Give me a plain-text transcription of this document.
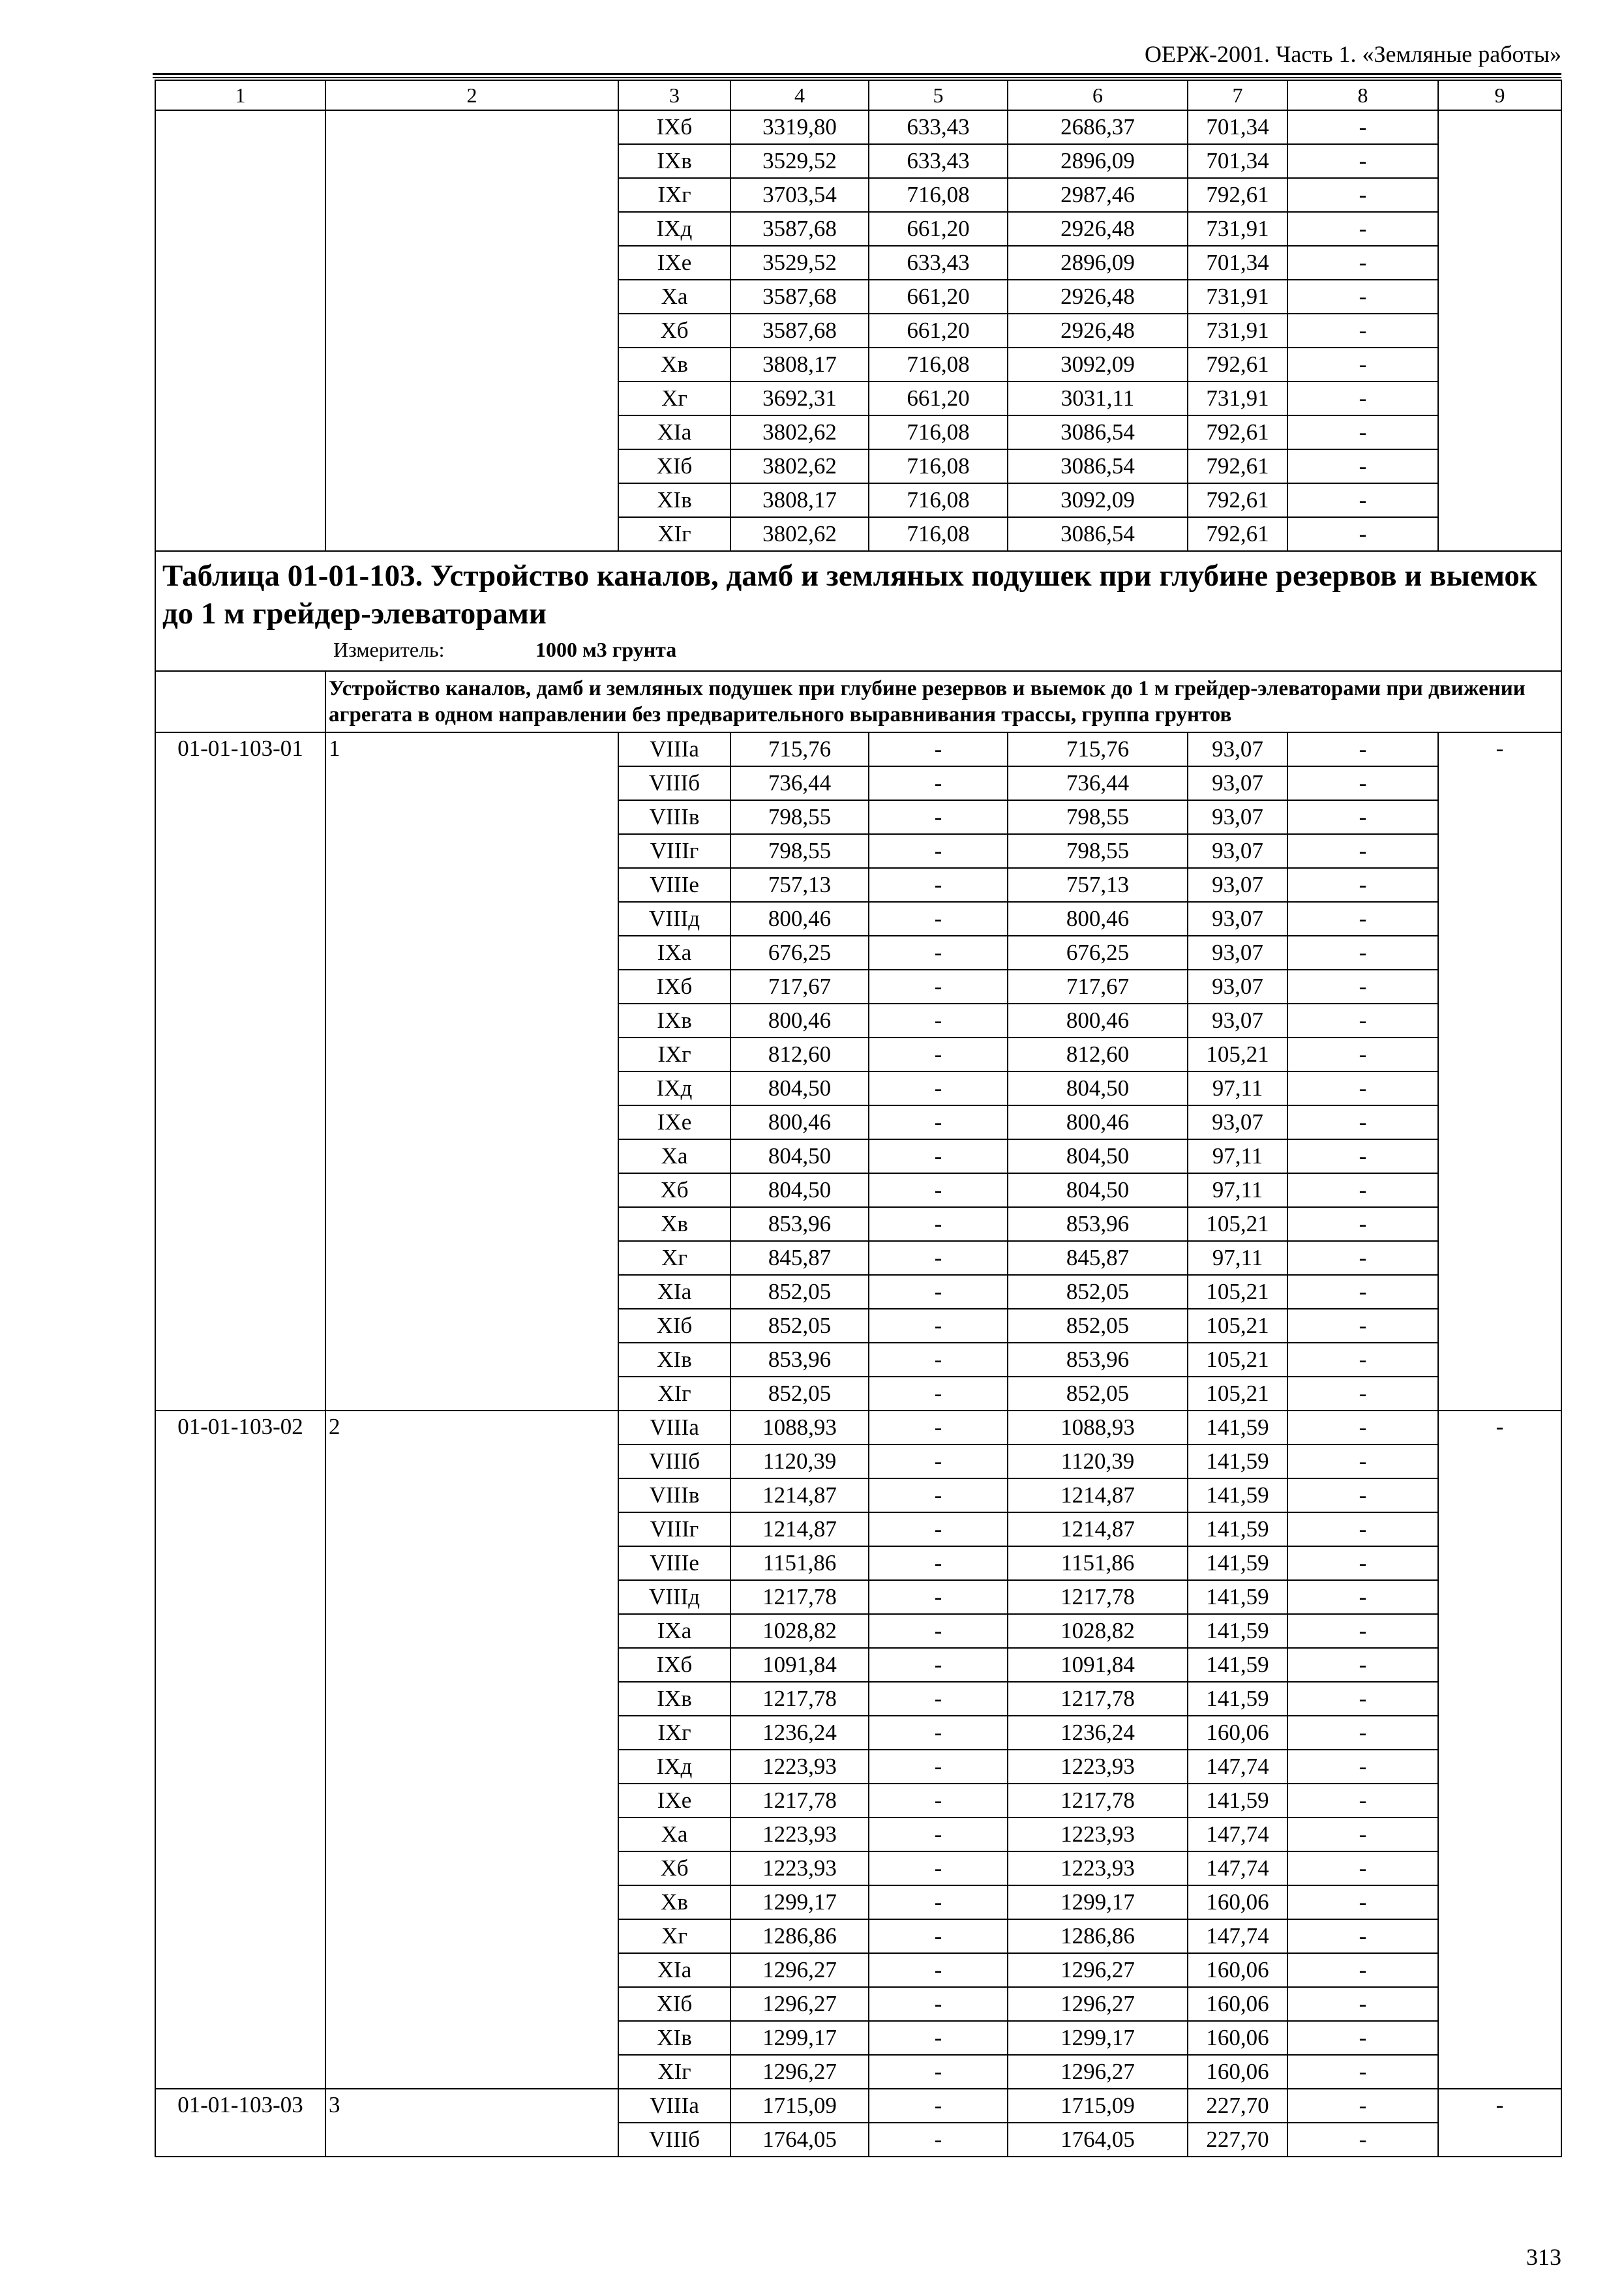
ОЕРЖ-2001. Часть 1. «Земляные работы»
1	2	3	4	5	6	7	8	9
		IXб	3319,80	633,43	2686,37	701,34	-	
		IXв	3529,52	633,43	2896,09	701,34	-	
		IXг	3703,54	716,08	2987,46	792,61	-	
		IXд	3587,68	661,20	2926,48	731,91	-	
		IXе	3529,52	633,43	2896,09	701,34	-	
		Xа	3587,68	661,20	2926,48	731,91	-	
		Xб	3587,68	661,20	2926,48	731,91	-	
		Xв	3808,17	716,08	3092,09	792,61	-	
		Xг	3692,31	661,20	3031,11	731,91	-	
		XIа	3802,62	716,08	3086,54	792,61	-	
		XIб	3802,62	716,08	3086,54	792,61	-	
		XIв	3808,17	716,08	3092,09	792,61	-	
		XIг	3802,62	716,08	3086,54	792,61	-	

Таблица 01-01-103. Устройство каналов, дамб и земляных подушек при глубине резервов и выемок до 1 м грейдер-элеваторами
Измеритель: 1000 м3 грунта								

	Устройство каналов, дамб и земляных подушек при глубине резервов и выемок до 1 м грейдер-элеваторами при движении агрегата в одном направлении без предварительного выравнивания трассы, группа грунтов							
01-01-103-01	1	VIIIа	715,76	-	715,76	93,07	-	-
		VIIIб	736,44	-	736,44	93,07	-	
		VIIIв	798,55	-	798,55	93,07	-	
		VIIIг	798,55	-	798,55	93,07	-	
		VIIIе	757,13	-	757,13	93,07	-	
		VIIIд	800,46	-	800,46	93,07	-	
		IXа	676,25	-	676,25	93,07	-	
		IXб	717,67	-	717,67	93,07	-	
		IXв	800,46	-	800,46	93,07	-	
		IXг	812,60	-	812,60	105,21	-	
		IXд	804,50	-	804,50	97,11	-	
		IXе	800,46	-	800,46	93,07	-	
		Xа	804,50	-	804,50	97,11	-	
		Xб	804,50	-	804,50	97,11	-	
		Xв	853,96	-	853,96	105,21	-	
		Xг	845,87	-	845,87	97,11	-	
		XIа	852,05	-	852,05	105,21	-	
		XIб	852,05	-	852,05	105,21	-	
		XIв	853,96	-	853,96	105,21	-	
		XIг	852,05	-	852,05	105,21	-	
01-01-103-02	2	VIIIа	1088,93	-	1088,93	141,59	-	-
		VIIIб	1120,39	-	1120,39	141,59	-	
		VIIIв	1214,87	-	1214,87	141,59	-	
		VIIIг	1214,87	-	1214,87	141,59	-	
		VIIIе	1151,86	-	1151,86	141,59	-	
		VIIIд	1217,78	-	1217,78	141,59	-	
		IXа	1028,82	-	1028,82	141,59	-	
		IXб	1091,84	-	1091,84	141,59	-	
		IXв	1217,78	-	1217,78	141,59	-	
		IXг	1236,24	-	1236,24	160,06	-	
		IXд	1223,93	-	1223,93	147,74	-	
		IXе	1217,78	-	1217,78	141,59	-	
		Xа	1223,93	-	1223,93	147,74	-	
		Xб	1223,93	-	1223,93	147,74	-	
		Xв	1299,17	-	1299,17	160,06	-	
		Xг	1286,86	-	1286,86	147,74	-	
		XIа	1296,27	-	1296,27	160,06	-	
		XIб	1296,27	-	1296,27	160,06	-	
		XIв	1299,17	-	1299,17	160,06	-	
		XIг	1296,27	-	1296,27	160,06	-	
01-01-103-03	3	VIIIа	1715,09	-	1715,09	227,70	-	-
		VIIIб	1764,05	-	1764,05	227,70	-	
313
